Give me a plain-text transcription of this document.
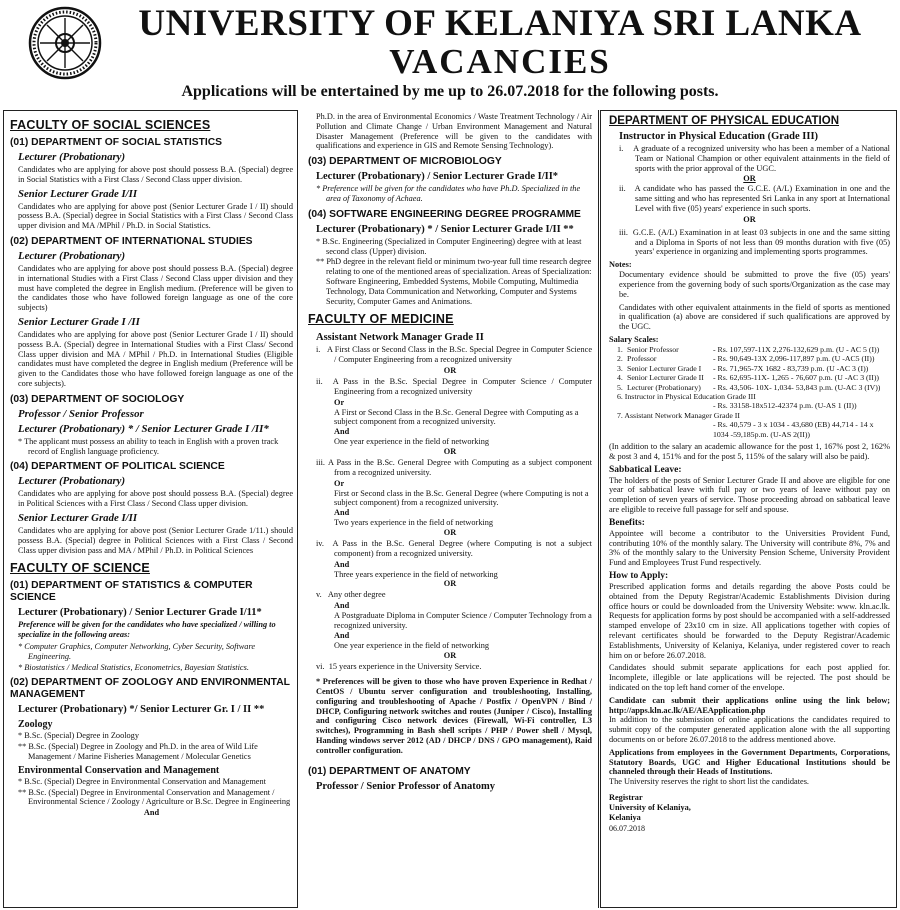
UNIVERSITY OF KELANIYA SRI LANKA
VACANCIES
Applications will be entertained by me up to 26.07.2018 for the following posts.
FACULTY OF SOCIAL SCIENCES
(01) DEPARTMENT OF SOCIAL STATISTICS
Lecturer (Probationary)
Candidates who are applying for above post should possess B.A. (Special) degree in Social Statistics with a First Class / Second Class upper division.
Senior Lecturer Grade I/II
Candidates who are applying for above post (Senior Lecturer Grade I / II) should possess B.A. (Special) degree in Social Statistics with a First Class / Second Class upper division and MA /MPhil / Ph.D. in Social Statistics.
(02) DEPARTMENT OF INTERNATIONAL STUDIES
Lecturer (Probationary)
Candidates who are applying for above post should possess B.A. (Special) degree in international Studies with a First Class / Second Class upper division and they must have completed the degree in English medium. (Preference will be given to the candidates those who have followed foreign language as one of the core subjects)
Senior Lecturer Grade I /II
Candidates who are applying for above post (Senior Lecturer Grade I / II) should possess B.A. (Special) degree in International Studies with a First Class/ Second Class upper division and MA / MPhil / Ph.D. in International Studies (Eligible candidates must have completed the degree in English medium (Preference will be given to the Candidates those who have followed foreign language as one of the core subjects).
(03) DEPARTMENT OF SOCIOLOGY
Professor / Senior Professor
Lecturer (Probationary) * / Senior Lecturer Grade I /II*
* The applicant must possess an ability to teach in English with a proven track record of English language proficiency.
(04) DEPARTMENT OF POLITICAL SCIENCE
Lecturer (Probationary)
Candidates who are applying for above post should possess B.A. (Special) degree in Political Sciences with a First Class / Second Class upper division.
Senior Lecturer Grade I/II
Candidates who are applying for above post (Senior Lecturer Grade 1/11.) should possess B.A. (Special) degree in Political Sciences with a First Class / Second Class upper division pass and MA / MPhil / Ph.D. in Political Sciences
FACULTY OF SCIENCE
(01) DEPARTMENT OF STATISTICS & COMPUTER SCIENCE
Lecturer (Probationary) / Senior Lecturer Grade I/11*
Preference will be given for the candidates who have specialized / willing to specialize in the following areas:
* Computer Graphics, Computer Networking, Cyber Security, Software Engineering.
* Biostatistics / Medical Statistics, Econometrics, Bayesian Statistics.
(02) DEPARTMENT OF ZOOLOGY AND ENVIRONMENTAL MANAGEMENT
Lecturer (Probationary) */ Senior Lecturer Gr. I / II **
Zoology
* B.Sc. (Special) Degree in Zoology
** B.Sc. (Special) Degree in Zoology and Ph.D. in the area of Wild Life Management / Marine Fisheries Management / Molecular Genetics
Environmental Conservation and Management
* B.Sc. (Special) Degree in Environmental Conservation and Management
** B.Sc. (Special) Degree in Environmental Conservation and Management / Environmental Science / Zoology / Agriculture or B.Sc. Degree in Engineering
And
Ph.D. in the area of Environmental Economics / Waste Treatment Technology / Air Pollution and Climate Change / Urban Environment Management and Natural Disaster Management (Preference will be given to the candidates with qualifications and experience in GIS and Remote Sensing Technology).
(03) DEPARTMENT OF MICROBIOLOGY
Lecturer (Probationary) / Senior Lecturer Grade I/II*
* Preference will be given for the candidates who have Ph.D. Specialized in the area of Taxonomy of Achaea.
(04) SOFTWARE ENGINEERING DEGREE PROGRAMME
Lecturer (Probationary) * / Senior Lecturer Grade I/II **
* B.Sc. Engineering (Specialized in Computer Engineering) degree with at least second class (Upper) division.
** PhD degree in the relevant field or minimum two-year full time research degree relating to one of the mentioned areas of specialization. Areas of Specialization: Software Engineering, Embedded Systems, Mobile Computing, Multimedia Technology, Data Communication and Networking, Computer and Systems Security, Computer Games and Animations.
FACULTY OF MEDICINE
Assistant Network Manager Grade II
i. A First Class or Second Class in the B.Sc. Special Degree in Computer Science / Computer Engineering from a recognized university
OR
ii. A Pass in the B.Sc. Special Degree in Computer Science / Computer Engineering from a recognized university
Or
A First or Second Class in the B.Sc. General Degree with Computing as a subject component from a recognized university.
And
One year experience in the field of networking
OR
iii. A Pass in the B.Sc. General Degree with Computing as a subject component from a recognized university.
Or
First or Second class in the B.Sc. General Degree (where Computing is not a subject component) from a recognized university.
And
Two years experience in the field of networking
OR
iv. A Pass in the B.Sc. General Degree (where Computing is not a subject component) from a recognized university.
And
Three years experience in the field of networking
OR
v. Any other degree
And
A Postgraduate Diploma in Computer Science / Computer Technology from a recognized university.
And
One year experience in the field of networking
OR
vi. 15 years experience in the University Service.
* Preferences will be given to those who have proven Experience in Redhat / CentOS / Ubuntu server configuration and troubleshooting, Installing, configuring and troubleshooting of Apache / Postfix / OpenVPN / Bind / DHCP, Configuring network switches and routes (Juniper / Cisco), Installing and configuring Cisco network devices (Firewall, Wi-Fi controller, L3 switches), Programming in Bash shell scripts / PHP / Power shell / Mysql, Handing windows server 2012 (AD / DHCP / DNS / GPO management), Raid controller configuration.
(01) DEPARTMENT OF ANATOMY
Professor / Senior Professor of Anatomy
DEPARTMENT OF PHYSICAL EDUCATION
Instructor in Physical Education (Grade III)
i. A graduate of a recognized university who has been a member of a National Team or National Champion or other equivalent attainments in the field of sports with the prior approval of the UGC.
OR
ii. A candidate who has passed the G.C.E. (A/L) Examination in one and the same sitting and who has represented Sri Lanka in any sport at International Level with five (05) years' experience in such sports.
OR
iii. G.C.E. (A/L) Examination in at least 03 subjects in one and the same sitting and a Diploma in Sports of not less than 09 months duration with five (05) years' experience in organizing and implementing sports programmes.
Notes:
Documentary evidence should be submitted to prove the five (05) years' experience from the governing body of such sports/Organization as the case may be.
Candidates with other equivalent attainments in the field of sports as mentioned in qualification (a) above are considered if such qualifications are approved by the UGC.
Salary Scales:
1. Senior Professor	- Rs. 107,597-11X 2,276-132,629 p.m. (U - AC 5 (I))
2. Professor	- Rs. 90,649-13X 2,096-117,897 p.m. (U -AC5 (II))
3. Senior Lecturer Grade I - Rs. 71,965-7X 1682 - 83,739 p.m. (U -AC 3 (I))
4. Senior Lecturer Grade II - Rs. 62,695-11X- 1,265 - 76,607 p.m. (U -AC 3 (II))
5. Lecturer (Probationary) - Rs. 43,506- 10X- 1,034- 53,843 p.m. (U-AC 3 (IV))
6. Instructor in Physical Education Grade III
- Rs. 33158-18x512-42374 p.m. (U-AS 1 (II))
7. Assistant Network Manager Grade II
- Rs. 40,579 - 3 x 1034 - 43,680 (EB) 44,714 - 14 x 1034 -59,185p.m. (U-AS 2(II))
(In addition to the salary an academic allowance for the post 1, 167% post 2, 162% & post 3 and 4, 151% and for the post 5, 115% of the salary will also be paid).
Sabbatical Leave:
The holders of the posts of Senior Lecturer Grade II and above are eligible for one year of sabbatical leave with full pay or two years of leave without pay on completion of seven years of service. Those proceeding abroad on sabbatical leave are eligible to receive full passage for self and spouse.
Benefits:
Appointee will become a contributor to the Universities Provident Fund, contributing 10% of the monthly salary. The University will contribute 8%, 7% and 3% of the monthly salary to the University Pension Scheme, University Provident Fund and Employees Trust Fund respectively.
How to Apply:
Prescribed application forms and details regarding the above Posts could be obtained from the Deputy Registrar/Academic Establishments Division during office hours or could be downloaded from the University Website: www. kln.ac.lk. Requests for application forms by post should be accompanied with a self-addressed stamped envelope of 23x10 cm in size. All applications together with copies of relevant certificates should be forwarded to the Deputy Registrar/Academic Establishments, University of Kelaniya, Kelaniya, under registered cover to reach him on or before 26.07.2018.
Candidates should submit separate applications for each post applied for. Incomplete, illegible or late applications will be rejected. The post should be indicated on the top left hand corner of the envelope.
Candidate can submit their applications online using the link below; http://apps.kln.ac.lk/AE/AEApplication.php
In addition to the submission of online applications the candidates required to submit copy of the computer generated application alone with the all supporting documents on or before 26.07.2018 to the address mentioned above.
Applications from employees in the Government Departments, Corporations, Statutory Boards, UGC and Higher Educational Institutions should be channeled through their Heads of Institutions.
The University reserves the right to short list the candidates.
Registrar
University of Kelaniya,
Kelaniya
06.07.2018
